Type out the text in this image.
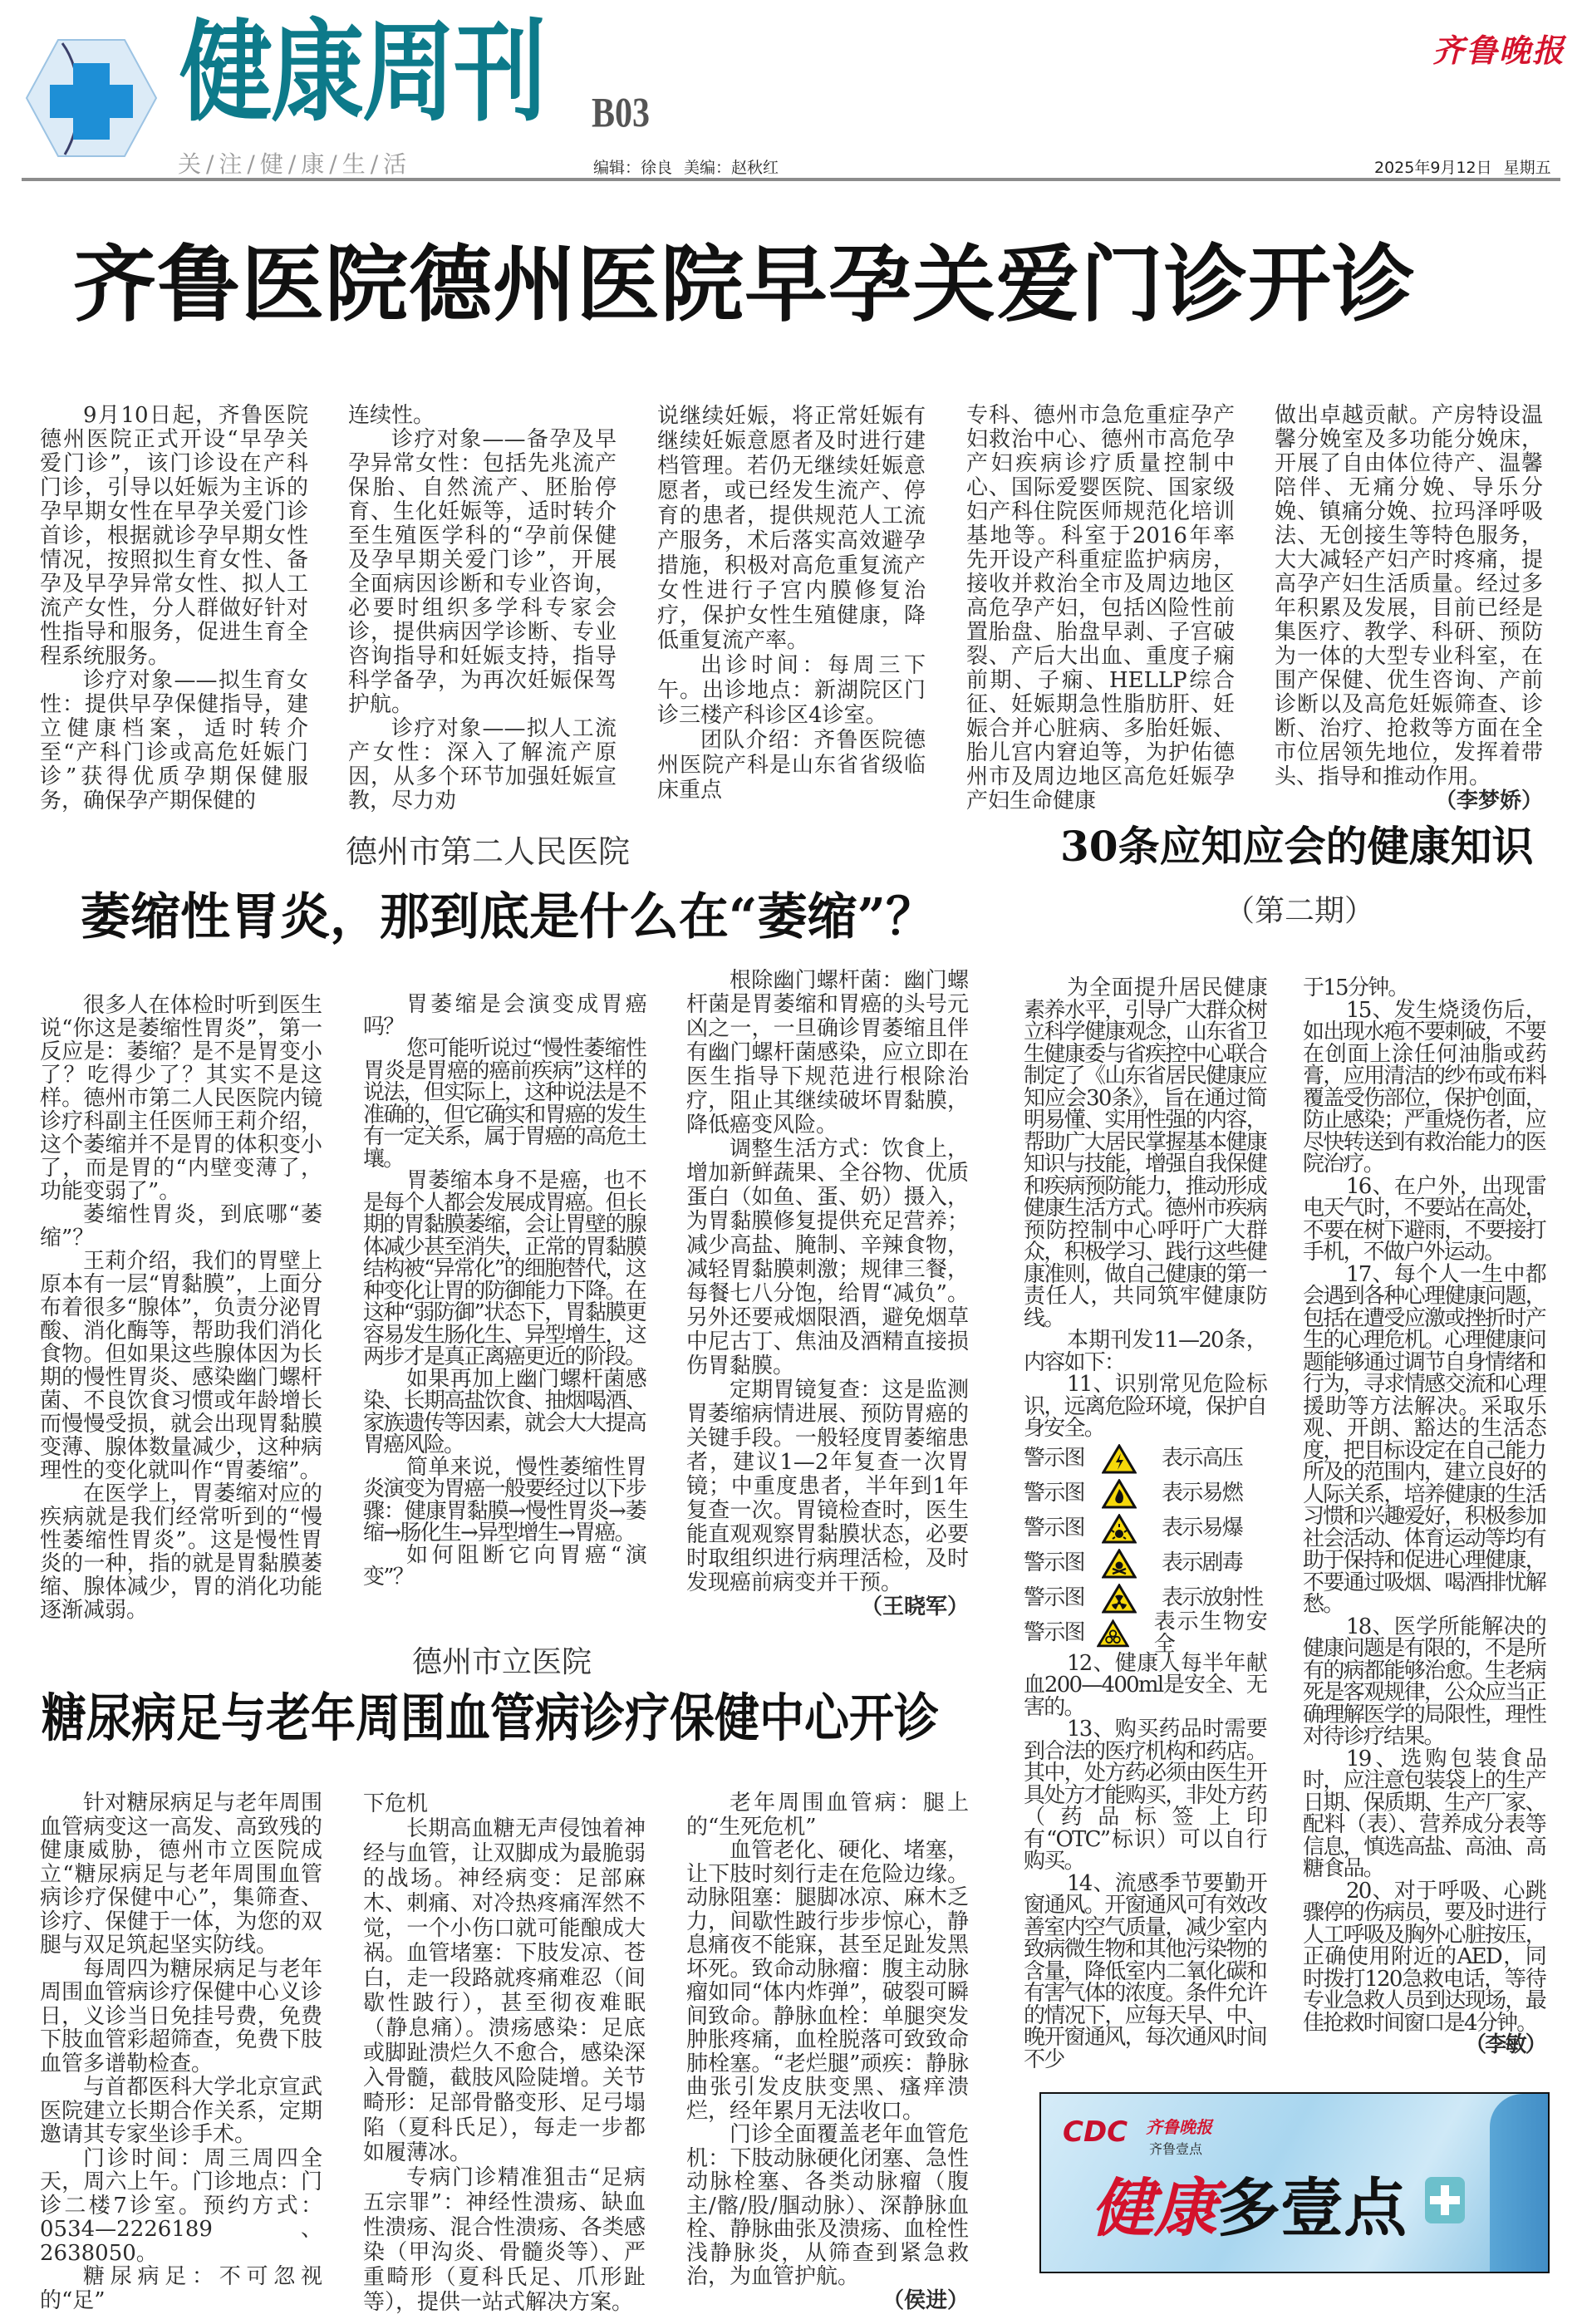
健康周刊 B03
关/注/健/康/生/活	编辑：徐良 美编：赵秋红	2025年9月12日 星期五
齐鲁晚报
齐鲁医院德州医院早孕关爱门诊开诊

9月10日起，齐鲁医院德州医院正式开设“早孕关爱门诊”，该门诊设在产科门诊，引导以妊娠为主诉的孕早期女性在早孕关爱门诊首诊，根据就诊孕早期女性情况，按照拟生育女性、备孕及早孕异常女性、拟人工流产女性，分人群做好针对性指导和服务，促进生育全程系统服务。

诊疗对象——拟生育女性：提供早孕保健指导，建立健康档案，适时转介至“产科门诊或高危妊娠门诊”获得优质孕期保健服务，确保孕产期保健的

连续性。

诊疗对象——备孕及早孕异常女性：包括先兆流产保胎、自然流产、胚胎停育、生化妊娠等，适时转介至生殖医学科的“孕前保健及孕早期关爱门诊”，开展全面病因诊断和专业咨询，必要时组织多学科专家会诊，提供病因学诊断、专业咨询指导和妊娠支持，指导科学备孕，为再次妊娠保驾护航。

诊疗对象——拟人工流产女性：深入了解流产原因，从多个环节加强妊娠宣教，尽力劝

说继续妊娠，将正常妊娠有继续妊娠意愿者及时进行建档管理。若仍无继续妊娠意愿者，或已经发生流产、停育的患者，提供规范人工流产服务，术后落实高效避孕措施，积极对高危重复流产女性进行子宫内膜修复治疗，保护女性生殖健康，降低重复流产率。

出诊时间：每周三下午。出诊地点：新湖院区门诊三楼产科诊区4诊室。

团队介绍：齐鲁医院德州医院产科是山东省省级临床重点

专科、德州市急危重症孕产妇救治中心、德州市高危孕产妇疾病诊疗质量控制中心、国际爱婴医院、国家级妇产科住院医师规范化培训基地等。科室于2016年率先开设产科重症监护病房，接收并救治全市及周边地区高危孕产妇，包括凶险性前置胎盘、胎盘早剥、子宫破裂、产后大出血、重度子痫前期、子痫、HELLP综合征、妊娠期急性脂肪肝、妊娠合并心脏病、多胎妊娠、胎儿宫内窘迫等，为护佑德州市及周边地区高危妊娠孕产妇生命健康

做出卓越贡献。产房特设温馨分娩室及多功能分娩床，开展了自由体位待产、温馨陪伴、无痛分娩、导乐分娩、镇痛分娩、拉玛泽呼吸法、无创接生等特色服务，大大减轻产妇产时疼痛，提高孕产妇生活质量。经过多年积累及发展，目前已经是集医疗、教学、科研、预防为一体的大型专业科室，在围产保健、优生咨询、产前诊断以及高危妊娠筛查、诊断、治疗、抢救等方面在全市位居领先地位，发挥着带头、指导和推动作用。

（李梦娇）
德州市第二人民医院
萎缩性胃炎，那到底是什么在“萎缩”？

很多人在体检时听到医生说“你这是萎缩性胃炎”，第一反应是：萎缩？是不是胃变小了？吃得少了？其实不是这样。德州市第二人民医院内镜诊疗科副主任医师王莉介绍，这个萎缩并不是胃的体积变小了，而是胃的“内壁变薄了，功能变弱了”。

萎缩性胃炎，到底哪“萎缩”？

王莉介绍，我们的胃壁上原本有一层“胃黏膜”，上面分布着很多“腺体”，负责分泌胃酸、消化酶等，帮助我们消化食物。但如果这些腺体因为长期的慢性胃炎、感染幽门螺杆菌、不良饮食习惯或年龄增长而慢慢受损，就会出现胃黏膜变薄、腺体数量减少，这种病理性的变化就叫作“胃萎缩”。

在医学上，胃萎缩对应的疾病就是我们经常听到的“慢性萎缩性胃炎”。这是慢性胃炎的一种，指的就是胃黏膜萎缩、腺体减少，胃的消化功能逐渐减弱。

胃萎缩是会演变成胃癌吗？

您可能听说过“慢性萎缩性胃炎是胃癌的癌前疾病”这样的说法，但实际上，这种说法是不准确的，但它确实和胃癌的发生有一定关系，属于胃癌的高危土壤。

胃萎缩本身不是癌，也不是每个人都会发展成胃癌。但长期的胃黏膜萎缩，会让胃壁的腺体减少甚至消失，正常的胃黏膜结构被“异常化”的细胞替代，这种变化让胃的防御能力下降。在这种“弱防御”状态下，胃黏膜更容易发生肠化生、异型增生，这两步才是真正离癌更近的阶段。

如果再加上幽门螺杆菌感染、长期高盐饮食、抽烟喝酒、家族遗传等因素，就会大大提高胃癌风险。

简单来说，慢性萎缩性胃炎演变为胃癌一般要经过以下步骤：健康胃黏膜→慢性胃炎→萎缩→肠化生→异型增生→胃癌。

如何阻断它向胃癌“演变”？

根除幽门螺杆菌：幽门螺杆菌是胃萎缩和胃癌的头号元凶之一，一旦确诊胃萎缩且伴有幽门螺杆菌感染，应立即在医生指导下规范进行根除治疗，阻止其继续破坏胃黏膜，降低癌变风险。

调整生活方式：饮食上，增加新鲜蔬果、全谷物、优质蛋白（如鱼、蛋、奶）摄入，为胃黏膜修复提供充足营养；减少高盐、腌制、辛辣食物，减轻胃黏膜刺激；规律三餐，每餐七八分饱，给胃“减负”。另外还要戒烟限酒，避免烟草中尼古丁、焦油及酒精直接损伤胃黏膜。

定期胃镜复查：这是监测胃萎缩病情进展、预防胃癌的关键手段。一般轻度胃萎缩患者，建议1—2年复查一次胃镜；中重度患者，半年到1年复查一次。胃镜检查时，医生能直观观察胃黏膜状态，必要时取组织进行病理活检，及时发现癌前病变并干预。

（王晓军）
德州市立医院
糖尿病足与老年周围血管病诊疗保健中心开诊

针对糖尿病足与老年周围血管病变这一高发、高致残的健康威胁，德州市立医院成立“糖尿病足与老年周围血管病诊疗保健中心”，集筛查、诊疗、保健于一体，为您的双腿与双足筑起坚实防线。

每周四为糖尿病足与老年周围血管病诊疗保健中心义诊日，义诊当日免挂号费，免费下肢血管彩超筛查，免费下肢血管多谱勒检查。

与首都医科大学北京宣武医院建立长期合作关系，定期邀请其专家坐诊手术。

门诊时间：周三周四全天，周六上午。门诊地点：门诊二楼7诊室。预约方式：0534—2226189、2638050。

糖尿病足：不可忽视的“足”

下危机

长期高血糖无声侵蚀着神经与血管，让双脚成为最脆弱的战场。神经病变：足部麻木、刺痛、对冷热疼痛浑然不觉，一个小伤口就可能酿成大祸。血管堵塞：下肢发凉、苍白，走一段路就疼痛难忍（间歇性跛行），甚至彻夜难眠（静息痛）。溃疡感染：足底或脚趾溃烂久不愈合，感染深入骨髓，截肢风险陡增。关节畸形：足部骨骼变形、足弓塌陷（夏科氏足），每走一步都如履薄冰。

专病门诊精准狙击“足病五宗罪”：神经性溃疡、缺血性溃疡、混合性溃疡、各类感染（甲沟炎、骨髓炎等）、严重畸形（夏科氏足、爪形趾等），提供一站式解决方案。

老年周围血管病：腿上的“生死危机”

血管老化、硬化、堵塞，让下肢时刻行走在危险边缘。动脉阻塞：腿脚冰凉、麻木乏力，间歇性跛行步步惊心，静息痛夜不能寐，甚至足趾发黑坏死。致命动脉瘤：腹主动脉瘤如同“体内炸弹”，破裂可瞬间致命。静脉血栓：单腿突发肿胀疼痛，血栓脱落可致致命肺栓塞。“老烂腿”顽疾：静脉曲张引发皮肤变黑、瘙痒溃烂，经年累月无法收口。

门诊全面覆盖老年血管危机：下肢动脉硬化闭塞、急性动脉栓塞、各类动脉瘤（腹主/髂/股/腘动脉）、深静脉血栓、静脉曲张及溃疡、血栓性浅静脉炎，从筛查到紧急救治，为血管护航。

（侯进）
30条应知应会的健康知识
（第二期）

为全面提升居民健康素养水平，引导广大群众树立科学健康观念，山东省卫生健康委与省疾控中心联合制定了《山东省居民健康应知应会30条》，旨在通过简明易懂、实用性强的内容，帮助广大居民掌握基本健康知识与技能，增强自我保健和疾病预防能力，推动形成健康生活方式。德州市疾病预防控制中心呼吁广大群众，积极学习、践行这些健康准则，做自己健康的第一责任人，共同筑牢健康防线。

本期刊发11—20条，内容如下：

11、识别常见危险标识，远离危险环境，保护自身安全。

警示图	表示高压
警示图	表示易燃
警示图	表示易爆
警示图	表示剧毒
警示图	表示放射性
警示图	表示生物安全

12、健康人每半年献血200—400ml是安全、无害的。

13、购买药品时需要到合法的医疗机构和药店。其中，处方药必须由医生开具处方才能购买，非处方药（药品标签上印有“OTC”标识）可以自行购买。

14、流感季节要勤开窗通风。开窗通风可有效改善室内空气质量，减少室内致病微生物和其他污染物的含量，降低室内二氧化碳和有害气体的浓度。条件允许的情况下，应每天早、中、晚开窗通风，每次通风时间不少

于15分钟。

15、发生烧烫伤后，如出现水疱不要刺破，不要在创面上涂任何油脂或药膏，应用清洁的纱布或布料覆盖受伤部位，保护创面，防止感染；严重烧伤者，应尽快转送到有救治能力的医院治疗。

16、在户外，出现雷电天气时，不要站在高处，不要在树下避雨，不要接打手机，不做户外运动。

17、每个人一生中都会遇到各种心理健康问题，包括在遭受应激或挫折时产生的心理危机。心理健康问题能够通过调节自身情绪和行为，寻求情感交流和心理援助等方法解决。采取乐观、开朗、豁达的生活态度，把目标设定在自己能力所及的范围内，建立良好的人际关系，培养健康的生活习惯和兴趣爱好，积极参加社会活动、体育运动等均有助于保持和促进心理健康，不要通过吸烟、喝酒排忧解愁。

18、医学所能解决的健康问题是有限的，不是所有的病都能够治愈。生老病死是客观规律，公众应当正确理解医学的局限性，理性对待诊疗结果。

19、选购包装食品时，应注意包装袋上的生产日期、保质期、生产厂家、配料（表）、营养成分表等信息，慎选高盐、高油、高糖食品。

20、对于呼吸、心跳骤停的伤病员，要及时进行人工呼吸及胸外心脏按压，正确使用附近的AED，同时拨打120急救电话，等待专业急救人员到达现场，最佳抢救时间窗口是4分钟。

（李敏）
CDC 齐鲁晚报
齐鲁壹点
健康多壹点
